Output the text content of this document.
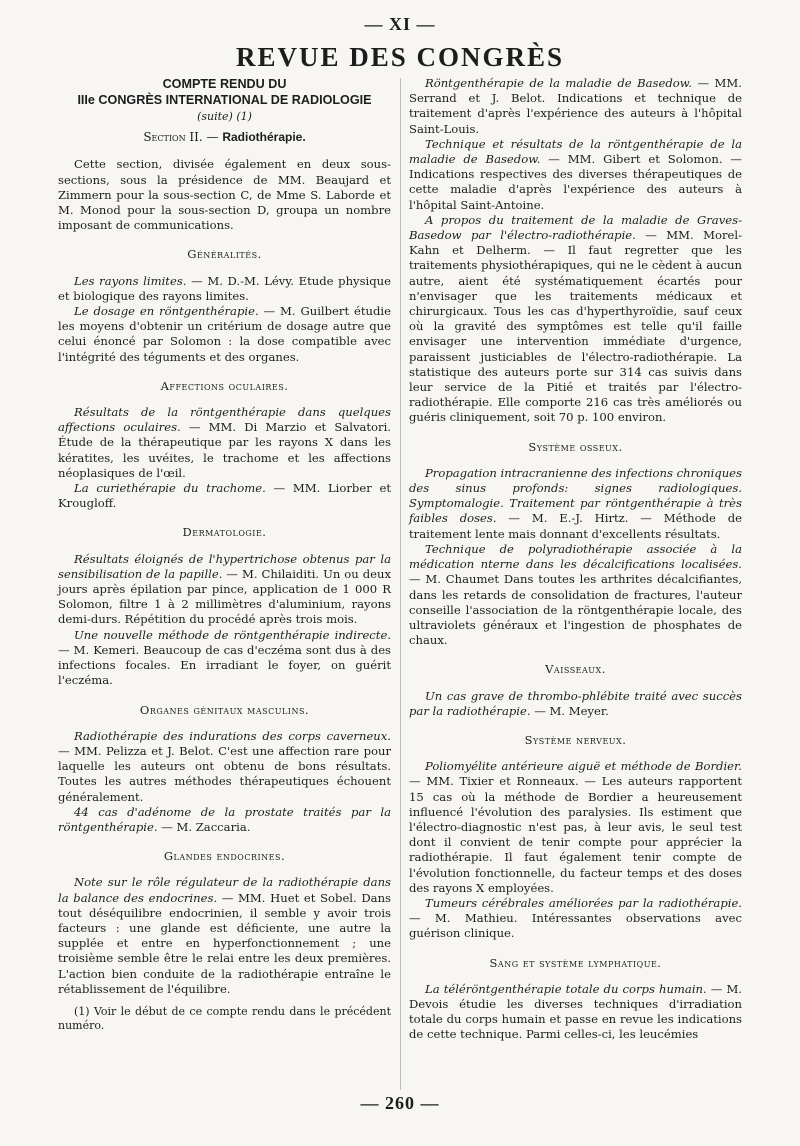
— XI —
REVUE DES CONGRÈS
COMPTE RENDU DU
IIIe CONGRÈS INTERNATIONAL DE RADIOLOGIE
(suite) (1)
Section II. — Radiothérapie.

Cette section, divisée également en deux sous-sections, sous la présidence de MM. Beaujard et Zimmern pour la sous-section C, de Mme S. Laborde et M. Monod pour la sous-section D, groupa un nombre imposant de communications.

Généralités.

Les rayons limites. — M. D.-M. Lévy. Etude physique et biologique des rayons limites.

Le dosage en röntgenthérapie. — M. Guilbert étudie les moyens d'obtenir un critérium de dosage autre que celui énoncé par Solomon : la dose compatible avec l'intégrité des téguments et des organes.

Affections oculaires.

Résultats de la röntgenthérapie dans quelques affections oculaires. — MM. Di Marzio et Salvatori. Étude de la thérapeutique par les rayons X dans les kératites, les uvéites, le trachome et les affections néoplasiques de l'œil.

La curiethérapie du trachome. — MM. Liorber et Krougloff.

Dermatologie.

Résultats éloignés de l'hypertrichose obtenus par la sensibilisation de la papille. — M. Chilaiditi. Un ou deux jours après épilation par pince, application de 1 000 R Solomon, filtre 1 à 2 millimètres d'aluminium, rayons demi-durs. Répétition du procédé après trois mois.

Une nouvelle méthode de röntgenthérapie indirecte. — M. Kemeri. Beaucoup de cas d'eczéma sont dus à des infections focales. En irradiant le foyer, on guérit l'eczéma.

Organes génitaux masculins.

Radiothérapie des indurations des corps caverneux. — MM. Pelizza et J. Belot. C'est une affection rare pour laquelle les auteurs ont obtenu de bons résultats. Toutes les autres méthodes thérapeutiques échouent généralement.

44 cas d'adénome de la prostate traités par la röntgenthérapie. — M. Zaccaria.

Glandes endocrines.

Note sur le rôle régulateur de la radiothérapie dans la balance des endocrines. — MM. Huet et Sobel. Dans tout déséquilibre endocrinien, il semble y avoir trois facteurs : une glande est déficiente, une autre la supplée et entre en hyperfonctionnement ; une troisième semble être le relai entre les deux premières. L'action bien conduite de la radiothérapie entraîne le rétablissement de l'équilibre.

(1) Voir le début de ce compte rendu dans le précédent numéro.

Röntgenthérapie de la maladie de Basedow. — MM. Serrand et J. Belot. Indications et technique de traitement d'après l'expérience des auteurs à l'hôpital Saint-Louis.

Technique et résultats de la röntgenthérapie de la maladie de Basedow. — MM. Gibert et Solomon. — Indications respectives des diverses thérapeutiques de cette maladie d'après l'expérience des auteurs à l'hôpital Saint-Antoine.

A propos du traitement de la maladie de Graves-Basedow par l'électro-radiothérapie. — MM. Morel-Kahn et Delherm. — Il faut regretter que les traitements physiothérapiques, qui ne le cèdent à aucun autre, aient été systématiquement écartés pour n'envisager que les traitements médicaux et chirurgicaux. Tous les cas d'hyperthyroïdie, sauf ceux où la gravité des symptômes est telle qu'il faille envisager une intervention immédiate d'urgence, paraissent justiciables de l'électro-radiothérapie. La statistique des auteurs porte sur 314 cas suivis dans leur service de la Pitié et traités par l'électro-radiothérapie. Elle comporte 216 cas très améliorés ou guéris cliniquement, soit 70 p. 100 environ.

Système osseux.

Propagation intracranienne des infections chroniques des sinus profonds: signes radiologiques. Symptomalogie. Traitement par röntgenthérapie à très faibles doses. — M. E.-J. Hirtz. — Méthode de traitement lente mais donnant d'excellents résultats.

Technique de polyradiothérapie associée à la médication nterne dans les décalcifications localisées. — M. Chaumet Dans toutes les arthrites décalcifiantes, dans les retards de consolidation de fractures, l'auteur conseille l'association de la röntgenthérapie locale, des ultraviolets généraux et l'ingestion de phosphates de chaux.

Vaisseaux.

Un cas grave de thrombo-phlébite traité avec succès par la radiothérapie. — M. Meyer.

Système nerveux.

Poliomyélite antérieure aiguë et méthode de Bordier. — MM. Tixier et Ronneaux. — Les auteurs rapportent 15 cas où la méthode de Bordier a heureusement influencé l'évolution des paralysies. Ils estiment que l'électro-diagnostic n'est pas, à leur avis, le seul test dont il convient de tenir compte pour apprécier la radiothérapie. Il faut également tenir compte de l'évolution fonctionnelle, du facteur temps et des doses des rayons X employées.

Tumeurs cérébrales améliorées par la radiothérapie. — M. Mathieu. Intéressantes observations avec guérison clinique.

Sang et système lymphatique.

La téléröntgenthérapie totale du corps humain. — M. Devois étudie les diverses techniques d'irradiation totale du corps humain et passe en revue les indications de cette technique. Parmi celles-ci, les leucémies

— 260 —
